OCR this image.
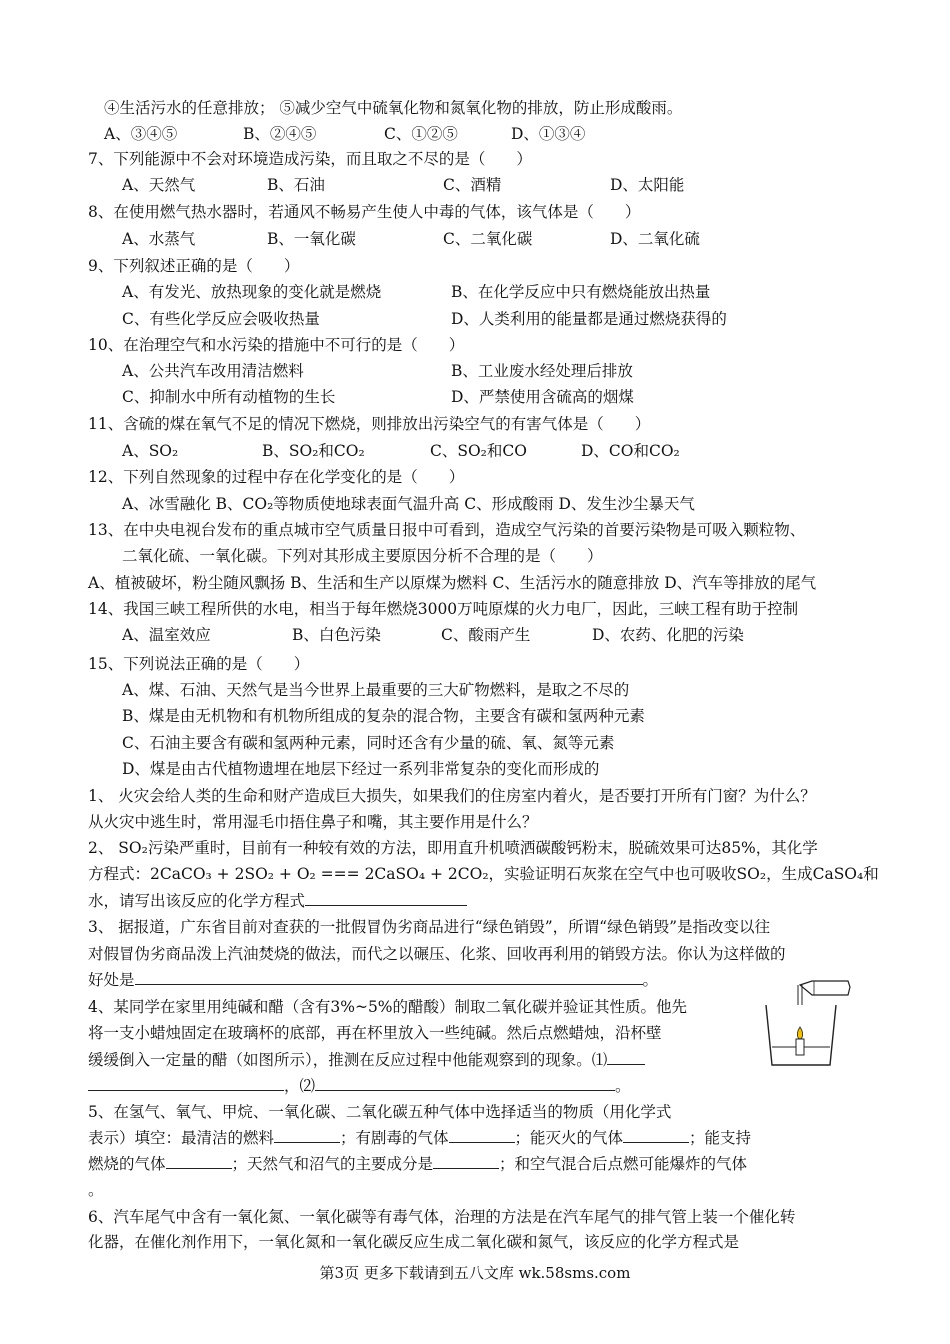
④生活污水的任意排放； ⑤减少空气中硫氧化物和氮氧化物的排放，防止形成酸雨。
A、③④⑤	B、②④⑤	C、①②⑤	D、①③④
7、下列能源中不会对环境造成污染，而且取之不尽的是（　　）
A、天然气	B、石油	C、酒精	D、太阳能
8、在使用燃气热水器时，若通风不畅易产生使人中毒的气体，该气体是（　　）
A、水蒸气	B、一氧化碳	C、二氧化碳	D、二氧化硫
9、下列叙述正确的是（　　）
A、有发光、放热现象的变化就是燃烧	B、在化学反应中只有燃烧能放出热量
C、有些化学反应会吸收热量	D、人类利用的能量都是通过燃烧获得的
10、在治理空气和水污染的措施中不可行的是（　　）
A、公共汽车改用清洁燃料	B、工业废水经处理后排放
C、抑制水中所有动植物的生长	D、严禁使用含硫高的烟煤
11、含硫的煤在氧气不足的情况下燃烧，则排放出污染空气的有害气体是（　　）
A、SO₂	B、SO₂和CO₂	C、SO₂和CO	D、CO和CO₂
12、下列自然现象的过程中存在化学变化的是（　　）
A、冰雪融化 B、CO₂等物质使地球表面气温升高 C、形成酸雨 D、发生沙尘暴天气
13、在中央电视台发布的重点城市空气质量日报中可看到，造成空气污染的首要污染物是可吸入颗粒物、
二氧化硫、一氧化碳。下列对其形成主要原因分析不合理的是（　　）
A、植被破坏，粉尘随风飘扬 B、生活和生产以原煤为燃料 C、生活污水的随意排放 D、汽车等排放的尾气
14、我国三峡工程所供的水电，相当于每年燃烧3000万吨原煤的火力电厂，因此，三峡工程有助于控制
A、温室效应	B、白色污染	C、酸雨产生	D、农药、化肥的污染
15、下列说法正确的是（　　）
A、煤、石油、天然气是当今世界上最重要的三大矿物燃料，是取之不尽的
B、煤是由无机物和有机物所组成的复杂的混合物，主要含有碳和氢两种元素
C、石油主要含有碳和氢两种元素，同时还含有少量的硫、氧、氮等元素
D、煤是由古代植物遗埋在地层下经过一系列非常复杂的变化而形成的
1、 火灾会给人类的生命和财产造成巨大损失，如果我们的住房室内着火，是否要打开所有门窗？为什么？
从火灾中逃生时，常用湿毛巾捂住鼻子和嘴，其主要作用是什么？
2、 SO₂污染严重时，目前有一种较有效的方法，即用直升机喷洒碳酸钙粉末，脱硫效果可达85%，其化学
方程式：2CaCO₃ + 2SO₂ + O₂ === 2CaSO₄ + 2CO₂，实验证明石灰浆在空气中也可吸收SO₂，生成CaSO₄和
水，请写出该反应的化学方程式
3、 据报道，广东省目前对查获的一批假冒伪劣商品进行“绿色销毁”，所谓“绿色销毁”是指改变以往
对假冒伪劣商品泼上汽油焚烧的做法，而代之以碾压、化浆、回收再利用的销毁方法。你认为这样做的
好处是	。
4、某同学在家里用纯碱和醋（含有3%~5%的醋酸）制取二氧化碳并验证其性质。他先
将一支小蜡烛固定在玻璃杯的底部，再在杯里放入一些纯碱。然后点燃蜡烛，沿杯壁
缓缓倒入一定量的醋（如图所示），推测在反应过程中他能观察到的现象。⑴
，⑵	。
5、在氢气、氧气、甲烷、一氧化碳、二氧化碳五种气体中选择适当的物质（用化学式
表示）填空：最清洁的燃料	；有剧毒的气体	；能灭火的气体	；能支持
燃烧的气体	；天然气和沼气的主要成分是	；和空气混合后点燃可能爆炸的气体
。
6、汽车尾气中含有一氧化氮、一氧化碳等有毒气体，治理的方法是在汽车尾气的排气管上装一个催化转
化器，在催化剂作用下，一氧化氮和一氧化碳反应生成二氧化碳和氮气，该反应的化学方程式是
第3页 更多下载请到五八文库 wk.58sms.com
